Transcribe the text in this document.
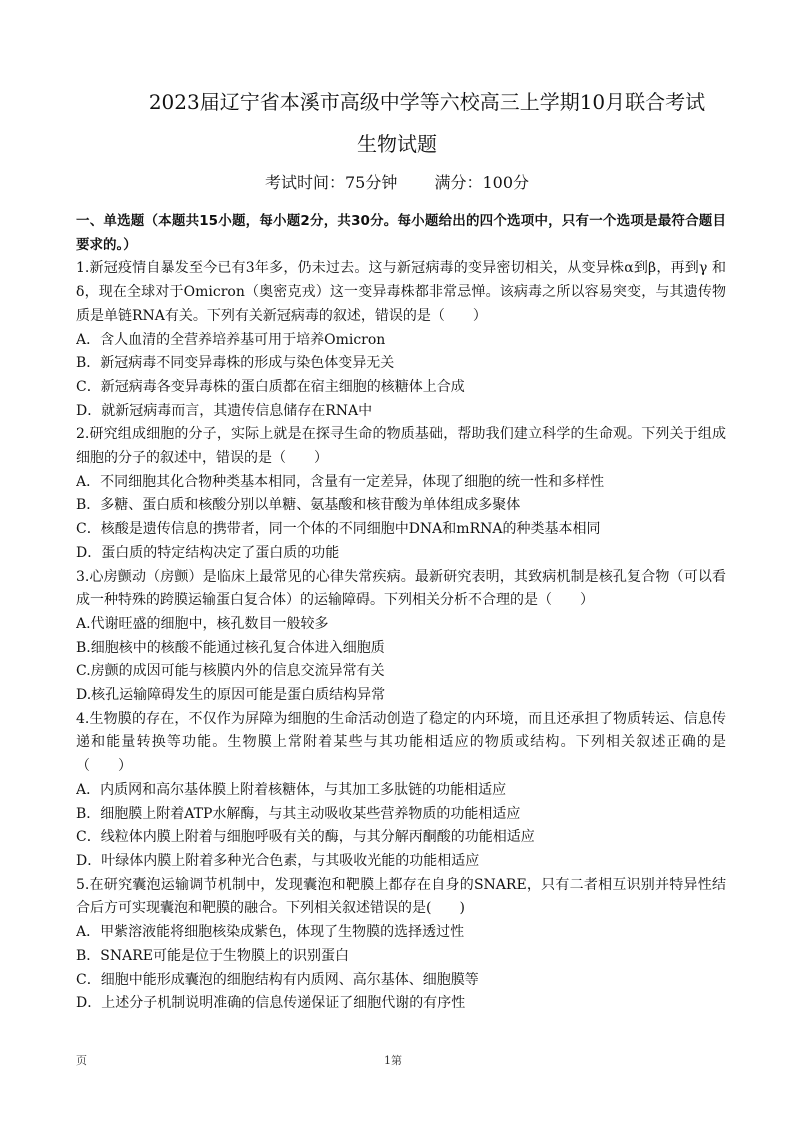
2023届辽宁省本溪市高级中学等六校高三上学期10月联合考试
生物试题
考试时间：75分钟 满分：100分

一、单选题（本题共15小题，每小题2分，共30分。每小题给出的四个选项中，只有一个选项是最符合题目要求的。）

1.新冠疫情自暴发至今已有3年多，仍未过去。这与新冠病毒的变异密切相关，从变异株α到β，再到γ 和δ，现在全球对于Omicron（奥密克戎）这一变异毒株都非常忌惮。该病毒之所以容易突变，与其遗传物质是单链RNA有关。下列有关新冠病毒的叙述，错误的是（　　）

A．含人血清的全营养培养基可用于培养Omicron

B．新冠病毒不同变异毒株的形成与染色体变异无关

C．新冠病毒各变异毒株的蛋白质都在宿主细胞的核糖体上合成

D．就新冠病毒而言，其遗传信息储存在RNA中

2.研究组成细胞的分子，实际上就是在探寻生命的物质基础，帮助我们建立科学的生命观。下列关于组成细胞的分子的叙述中，错误的是（　　）

A．不同细胞其化合物种类基本相同，含量有一定差异，体现了细胞的统一性和多样性

B．多糖、蛋白质和核酸分别以单糖、氨基酸和核苷酸为单体组成多聚体

C．核酸是遗传信息的携带者，同一个体的不同细胞中DNA和mRNA的种类基本相同

D．蛋白质的特定结构决定了蛋白质的功能

3.心房颤动（房颤）是临床上最常见的心律失常疾病。最新研究表明，其致病机制是核孔复合物（可以看成一种特殊的跨膜运输蛋白复合体）的运输障碍。下列相关分析不合理的是（　　）

A.代谢旺盛的细胞中，核孔数目一般较多

B.细胞核中的核酸不能通过核孔复合体进入细胞质

C.房颤的成因可能与核膜内外的信息交流异常有关

D.核孔运输障碍发生的原因可能是蛋白质结构异常

4.生物膜的存在，不仅作为屏障为细胞的生命活动创造了稳定的内环境，而且还承担了物质转运、信息传递和能量转换等功能。生物膜上常附着某些与其功能相适应的物质或结构。下列相关叙述正确的是（　　）

A．内质网和高尔基体膜上附着核糖体，与其加工多肽链的功能相适应

B．细胞膜上附着ATP水解酶，与其主动吸收某些营养物质的功能相适应

C．线粒体内膜上附着与细胞呼吸有关的酶，与其分解丙酮酸的功能相适应

D．叶绿体内膜上附着多种光合色素，与其吸收光能的功能相适应

5.在研究囊泡运输调节机制中，发现囊泡和靶膜上都存在自身的SNARE，只有二者相互识别并特异性结合后方可实现囊泡和靶膜的融合。下列相关叙述错误的是(　　)

A．甲紫溶液能将细胞核染成紫色，体现了生物膜的选择透过性

B．SNARE可能是位于生物膜上的识别蛋白

C．细胞中能形成囊泡的细胞结构有内质网、高尔基体、细胞膜等

D．上述分子机制说明准确的信息传递保证了细胞代谢的有序性

页	1第
